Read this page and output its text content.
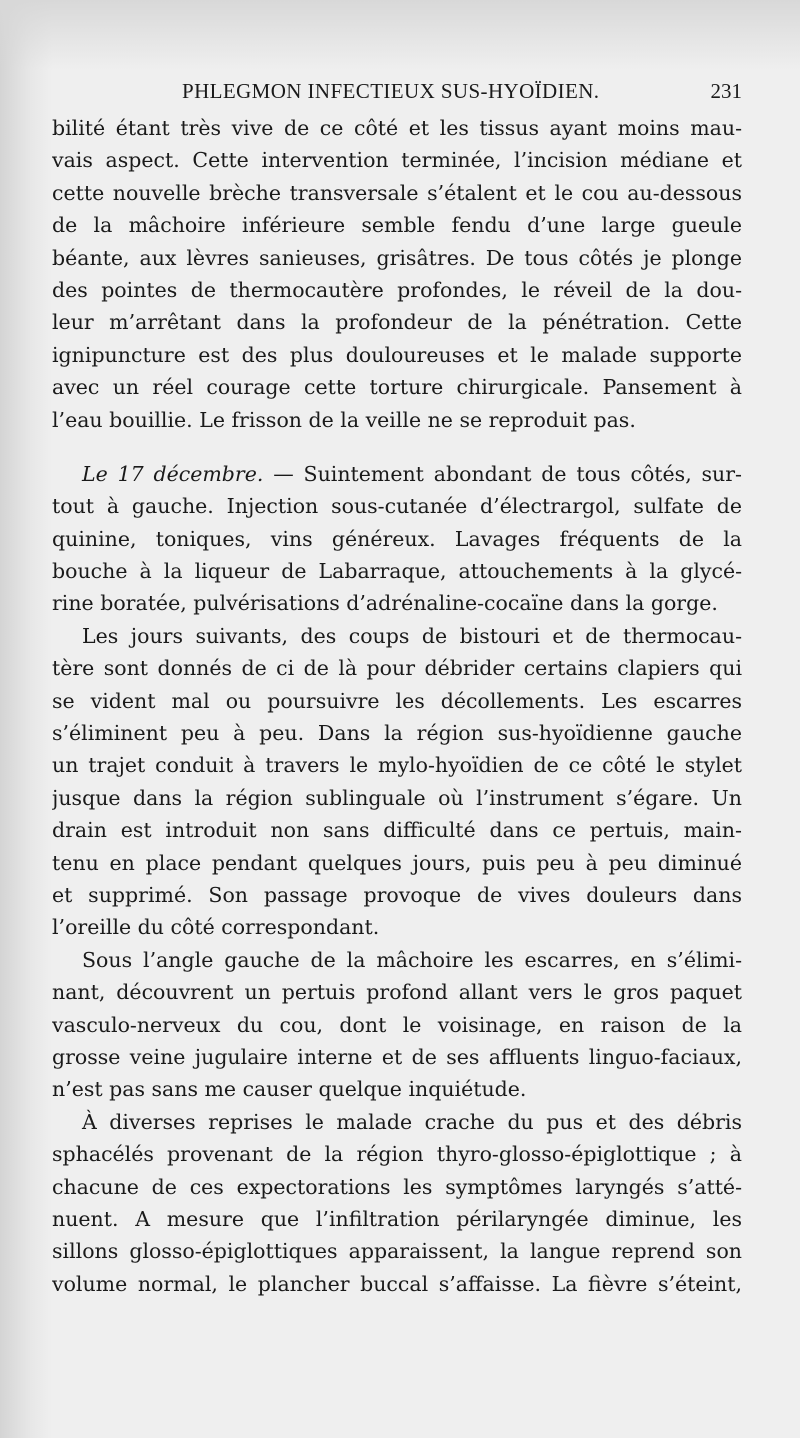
PHLEGMON INFECTIEUX SUS-HYOÏDIEN.	231
bilité étant très vive de ce côté et les tissus ayant moins mau-
vais aspect. Cette intervention terminée, l’incision médiane et
cette nouvelle brèche transversale s’étalent et le cou au-dessous
de la mâchoire inférieure semble fendu d’une large gueule
béante, aux lèvres sanieuses, grisâtres. De tous côtés je plonge
des pointes de thermocautère profondes, le réveil de la dou-
leur m’arrêtant dans la profondeur de la pénétration. Cette
ignipuncture est des plus douloureuses et le malade supporte
avec un réel courage cette torture chirurgicale. Pansement à
l’eau bouillie. Le frisson de la veille ne se reproduit pas.
Le 17 décembre. — Suintement abondant de tous côtés, sur-
tout à gauche. Injection sous-cutanée d’électrargol, sulfate de
quinine, toniques, vins généreux. Lavages fréquents de la
bouche à la liqueur de Labarraque, attouchements à la glycé-
rine boratée, pulvérisations d’adrénaline-cocaïne dans la gorge.
Les jours suivants, des coups de bistouri et de thermocau-
tère sont donnés de ci de là pour débrider certains clapiers qui
se vident mal ou poursuivre les décollements. Les escarres
s’éliminent peu à peu. Dans la région sus-hyoïdienne gauche
un trajet conduit à travers le mylo-hyoïdien de ce côté le stylet
jusque dans la région sublinguale où l’instrument s’égare. Un
drain est introduit non sans difficulté dans ce pertuis, main-
tenu en place pendant quelques jours, puis peu à peu diminué
et supprimé. Son passage provoque de vives douleurs dans
l’oreille du côté correspondant.
Sous l’angle gauche de la mâchoire les escarres, en s’élimi-
nant, découvrent un pertuis profond allant vers le gros paquet
vasculo-nerveux du cou, dont le voisinage, en raison de la
grosse veine jugulaire interne et de ses affluents linguo-faciaux,
n’est pas sans me causer quelque inquiétude.
À diverses reprises le malade crache du pus et des débris
sphacélés provenant de la région thyro-glosso-épiglottique ; à
chacune de ces expectorations les symptômes laryngés s’atté-
nuent. A mesure que l’infiltration périlaryngée diminue, les
sillons glosso-épiglottiques apparaissent, la langue reprend son
volume normal, le plancher buccal s’affaisse. La fièvre s’éteint,
